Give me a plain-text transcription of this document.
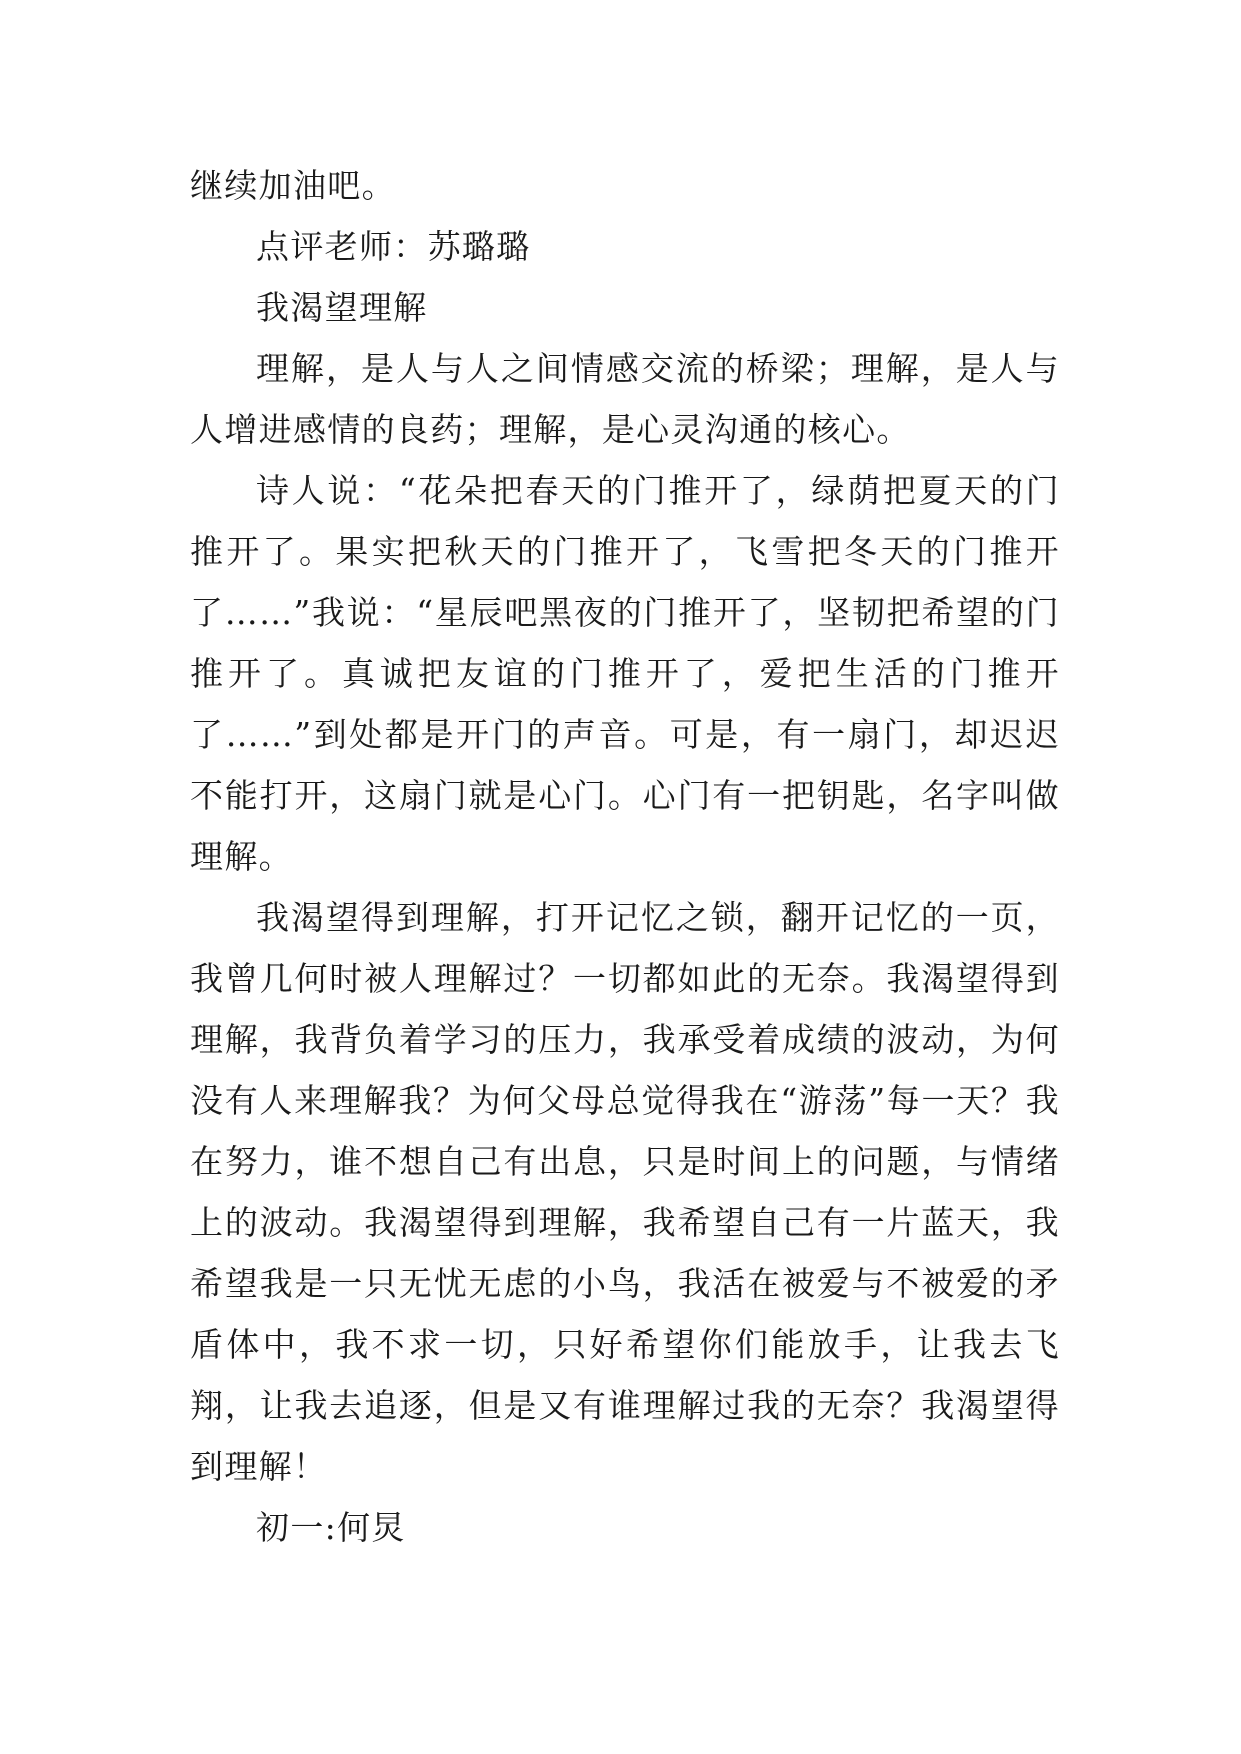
继续加油吧。

点评老师：苏璐璐

我渴望理解

理解，是人与人之间情感交流的桥梁；理解，是人与人增进感情的良药；理解，是心灵沟通的核心。

诗人说：“花朵把春天的门推开了，绿荫把夏天的门推开了。果实把秋天的门推开了，飞雪把冬天的门推开了……”我说：“星辰吧黑夜的门推开了，坚韧把希望的门推开了。真诚把友谊的门推开了，爱把生活的门推开了……”到处都是开门的声音。可是，有一扇门，却迟迟不能打开，这扇门就是心门。心门有一把钥匙，名字叫做理解。

我渴望得到理解，打开记忆之锁，翻开记忆的一页，我曾几何时被人理解过？一切都如此的无奈。我渴望得到理解，我背负着学习的压力，我承受着成绩的波动，为何没有人来理解我？为何父母总觉得我在“游荡”每一天？我在努力，谁不想自己有出息，只是时间上的问题，与情绪上的波动。我渴望得到理解，我希望自己有一片蓝天，我希望我是一只无忧无虑的小鸟，我活在被爱与不被爱的矛盾体中，我不求一切，只好希望你们能放手，让我去飞翔，让我去追逐，但是又有谁理解过我的无奈？我渴望得到理解！

初一:何炅
